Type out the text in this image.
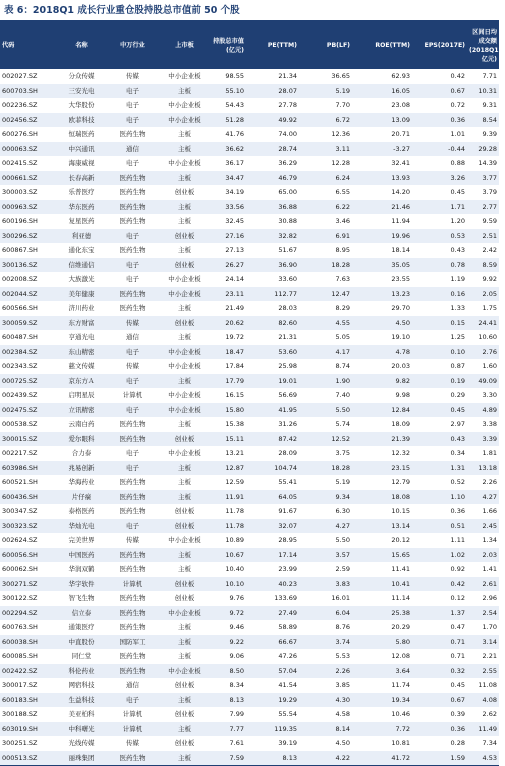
表 6：2018Q1 成长行业重仓股持股总市值前 50 个股
代码	名称	中万行业	上市板	持股总市值(亿元)	PE(TTM)	PB(LF)	ROE(TTM)	EPS(2017E)	区间日均成交额(2018Q1，亿元)
002027.SZ	分众传媒	传媒	中小企业板	98.55	21.34	36.65	62.93	0.42	7.71
600703.SH	三安光电	电子	主板	55.10	28.07	5.19	16.05	0.67	10.31
002236.SZ	大华股份	电子	中小企业板	54.43	27.78	7.70	23.08	0.72	9.31
002456.SZ	欧菲科技	电子	中小企业板	51.28	49.92	6.72	13.09	0.36	8.54
600276.SH	恒瑞医药	医药生物	主板	41.76	74.00	12.36	20.71	1.01	9.39
000063.SZ	中兴通讯	通信	主板	36.62	28.74	3.11	-3.27	-0.44	29.28
002415.SZ	海康威视	电子	中小企业板	36.17	36.29	12.28	32.41	0.88	14.39
000661.SZ	长春高新	医药生物	主板	34.47	46.79	6.24	13.93	3.26	3.77
300003.SZ	乐普医疗	医药生物	创业板	34.19	65.00	6.55	14.20	0.45	3.79
000963.SZ	华东医药	医药生物	主板	33.56	36.88	6.22	21.46	1.71	2.77
600196.SH	复星医药	医药生物	主板	32.45	30.88	3.46	11.94	1.20	9.59
300296.SZ	利亚德	电子	创业板	27.16	32.82	6.91	19.96	0.53	2.51
600867.SH	通化东宝	医药生物	主板	27.13	51.67	8.95	18.14	0.43	2.42
300136.SZ	信维通信	电子	创业板	26.27	36.90	18.28	35.05	0.78	8.59
002008.SZ	大族激光	电子	中小企业板	24.14	33.60	7.63	23.55	1.19	9.92
002044.SZ	美年健康	医药生物	中小企业板	23.11	112.77	12.47	13.23	0.16	2.05
600566.SH	济川药业	医药生物	主板	21.49	28.03	8.29	29.70	1.33	1.75
300059.SZ	东方财富	传媒	创业板	20.62	82.60	4.55	4.50	0.15	24.41
600487.SH	亨通光电	通信	主板	19.72	21.31	5.05	19.10	1.25	10.60
002384.SZ	东山精密	电子	中小企业板	18.47	53.60	4.17	4.78	0.10	2.76
002343.SZ	慈文传媒	传媒	中小企业板	17.84	25.98	8.74	20.03	0.87	1.60
000725.SZ	京东方Ａ	电子	主板	17.79	19.01	1.90	9.82	0.19	49.09
002439.SZ	启明星辰	计算机	中小企业板	16.15	56.69	7.40	9.98	0.29	3.30
002475.SZ	立讯精密	电子	中小企业板	15.80	41.95	5.50	12.84	0.45	4.89
000538.SZ	云南白药	医药生物	主板	15.38	31.26	5.74	18.09	2.97	3.38
300015.SZ	爱尔眼科	医药生物	创业板	15.11	87.42	12.52	21.39	0.43	3.39
002217.SZ	合力泰	电子	中小企业板	13.21	28.09	3.75	12.32	0.34	1.81
603986.SH	兆易创新	电子	主板	12.87	104.74	18.28	23.15	1.31	13.18
600521.SH	华海药业	医药生物	主板	12.59	55.41	5.19	12.79	0.52	2.26
600436.SH	片仔癀	医药生物	主板	11.91	64.05	9.34	18.08	1.10	4.27
300347.SZ	泰格医药	医药生物	创业板	11.78	91.67	6.30	10.15	0.36	1.66
300323.SZ	华灿光电	电子	创业板	11.78	32.07	4.27	13.14	0.51	2.45
002624.SZ	完美世界	传媒	中小企业板	10.89	28.95	5.50	20.12	1.11	1.34
600056.SH	中国医药	医药生物	主板	10.67	17.14	3.57	15.65	1.02	2.03
600062.SH	华润双鹤	医药生物	主板	10.40	23.99	2.59	11.41	0.92	1.41
300271.SZ	华宇软件	计算机	创业板	10.10	40.23	3.83	10.41	0.42	2.61
300122.SZ	智飞生物	医药生物	创业板	9.76	133.69	16.01	11.14	0.12	2.96
002294.SZ	信立泰	医药生物	中小企业板	9.72	27.49	6.04	25.38	1.37	2.54
600763.SH	通策医疗	医药生物	主板	9.46	58.89	8.76	20.29	0.47	1.70
600038.SH	中直股份	国防军工	主板	9.22	66.67	3.74	5.80	0.71	3.14
600085.SH	同仁堂	医药生物	主板	9.06	47.26	5.53	12.08	0.71	2.21
002422.SZ	科伦药业	医药生物	中小企业板	8.50	57.04	2.26	3.64	0.32	2.55
300017.SZ	网宿科技	通信	创业板	8.34	41.54	3.85	11.74	0.45	11.08
600183.SH	生益科技	电子	主板	8.13	19.29	4.30	19.34	0.67	4.08
300188.SZ	美亚柏科	计算机	创业板	7.99	55.54	4.58	10.46	0.39	2.62
603019.SH	中科曙光	计算机	主板	7.77	119.35	8.14	7.72	0.36	11.49
300251.SZ	光线传媒	传媒	创业板	7.61	39.19	4.50	10.81	0.28	7.34
000513.SZ	丽珠集团	医药生物	主板	7.59	8.13	4.22	41.72	1.59	4.53
